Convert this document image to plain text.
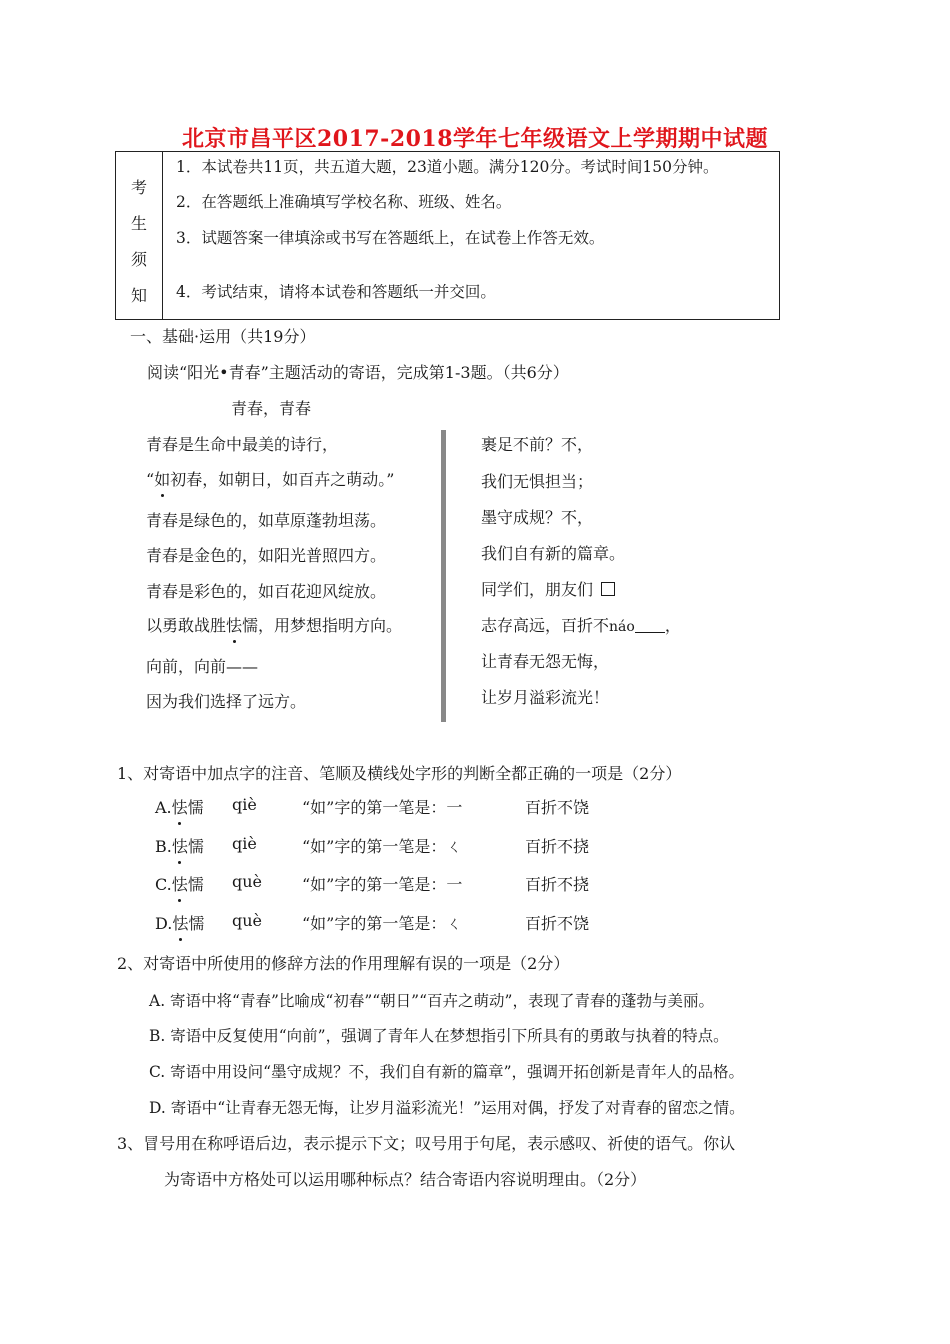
北京市昌平区2017-2018学年七年级语文上学期期中试题
考
生
须
知
1．本试卷共11页，共五道大题，23道小题。满分120分。考试时间150分钟。
2．在答题纸上准确填写学校名称、班级、姓名。
3．试题答案一律填涂或书写在答题纸上，在试卷上作答无效。
4．考试结束，请将本试卷和答题纸一并交回。
一、基础·运用（共19分）
阅读“阳光•青春”主题活动的寄语，完成第1-3题。（共6分）
青春，青春
青春是生命中最美的诗行，
“如初春，如朝日，如百卉之萌动。”
青春是绿色的，如草原蓬勃坦荡。
青春是金色的，如阳光普照四方。
青春是彩色的，如百花迎风绽放。
以勇敢战胜怯懦，用梦想指明方向。
向前，向前——
因为我们选择了远方。
裹足不前？不，
我们无惧担当；
墨守成规？不，
我们自有新的篇章。
同学们，朋友们
志存高远，百折不náo ，
让青春无怨无悔，
让岁月溢彩流光！
1、对寄语中加点字的注音、笔顺及横线处字形的判断全都正确的一项是（2分）
A.怯懦 qiè	“如”字的第一笔是：一	百折不饶
B.怯懦 qiè	“如”字的第一笔是：ㄑ	百折不挠
C.怯懦 què “如”字的第一笔是：一	百折不挠
D.怯懦 què “如”字的第一笔是：ㄑ	百折不饶
2、对寄语中所使用的修辞方法的作用理解有误的一项是（2分）
A. 寄语中将“青春”比喻成“初春”“朝日”“百卉之萌动”，表现了青春的蓬勃与美丽。
B. 寄语中反复使用“向前”，强调了青年人在梦想指引下所具有的勇敢与执着的特点。
C. 寄语中用设问“墨守成规？不，我们自有新的篇章”，强调开拓创新是青年人的品格。
D. 寄语中“让青春无怨无悔，让岁月溢彩流光！”运用对偶，抒发了对青春的留恋之情。
3、冒号用在称呼语后边，表示提示下文；叹号用于句尾，表示感叹、祈使的语气。你认
为寄语中方格处可以运用哪种标点？结合寄语内容说明理由。（2分）
